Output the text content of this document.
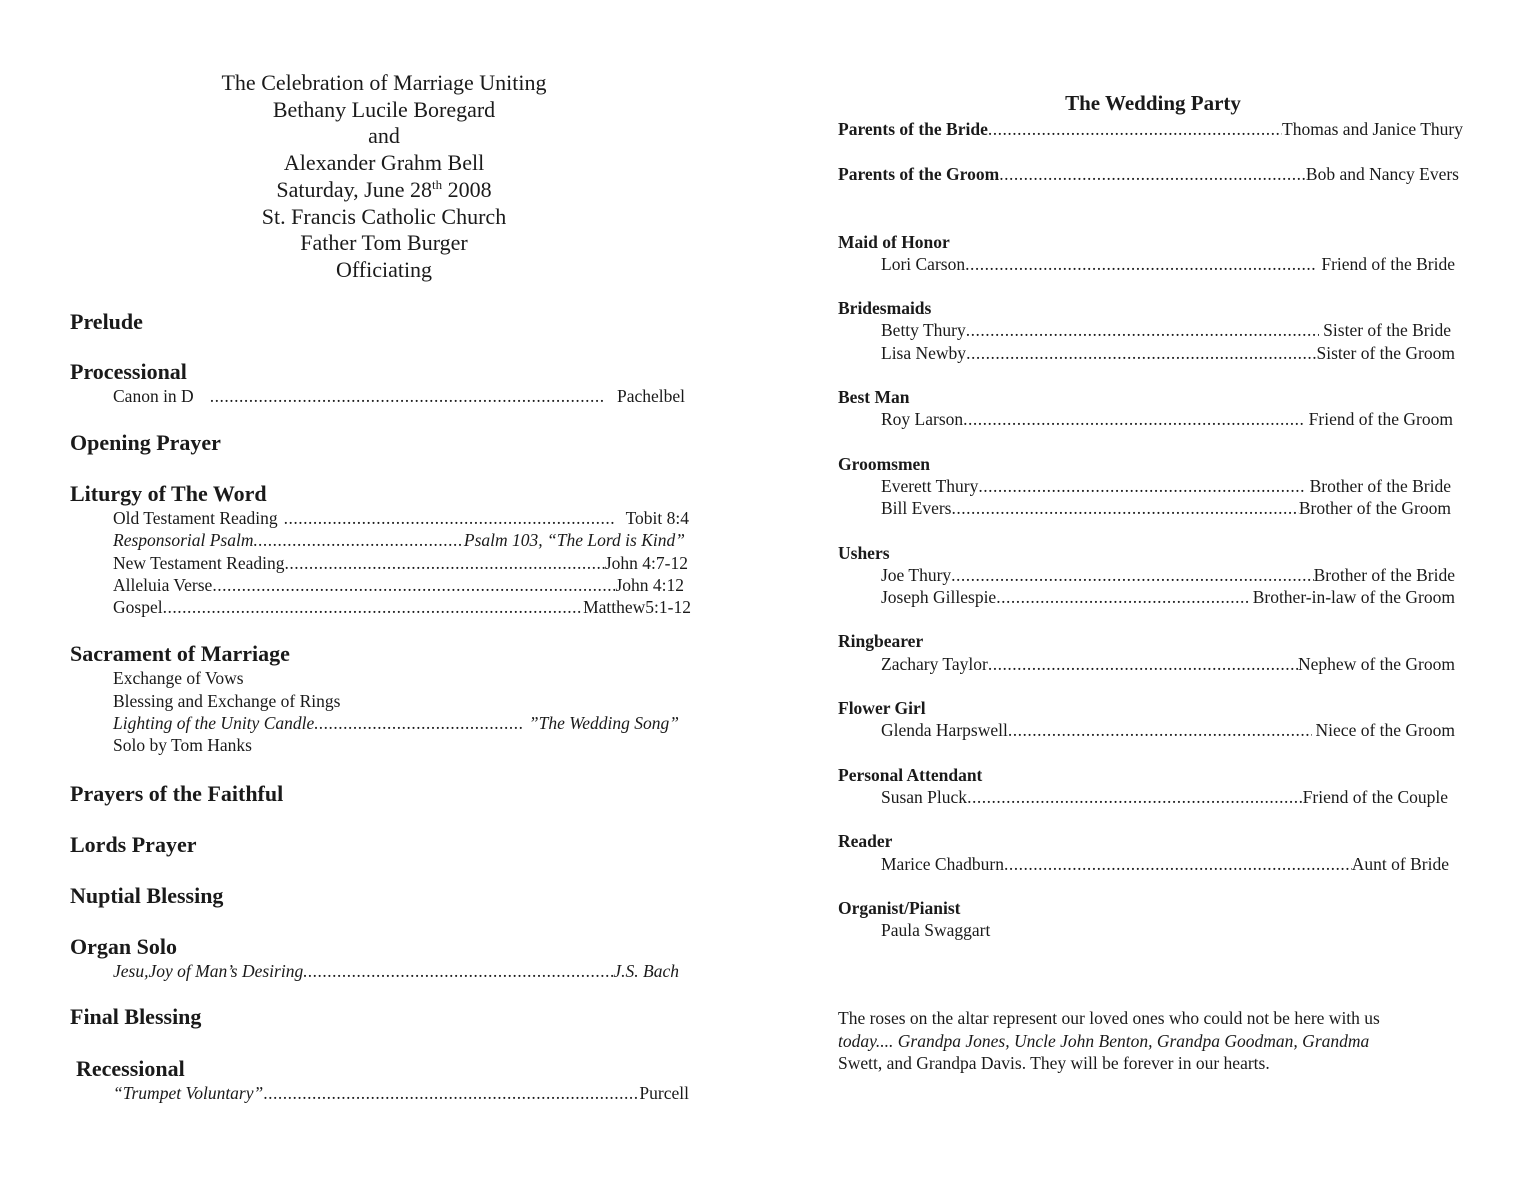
The Celebration of Marriage Uniting
Bethany Lucile Boregard
and
Alexander Grahm Bell
Saturday, June 28th 2008
St. Francis Catholic Church
Father Tom Burger
Officiating
Prelude
Processional
Canon in D .....	Pachelbel
Opening Prayer
Liturgy of The Word
Old Testament Reading .....	Tobit 8:4
Responsorial Psalm .....	Psalm 103, “The Lord is Kind”
New Testament Reading .....	John 4:7-12
Alleluia Verse .....	John 4:12
Gospel .....	Matthew5:1-12
Sacrament of Marriage
Exchange of Vows
Blessing and Exchange of Rings
Lighting of the Unity Candle .....	”The Wedding Song”
Solo by Tom Hanks
Prayers of the Faithful
Lords Prayer
Nuptial Blessing
Organ Solo
Jesu,Joy of Man’s Desiring .....	J.S. Bach
Final Blessing
Recessional
“Trumpet Voluntary” .....	Purcell
The Wedding Party
Parents of the Bride .....	Thomas and Janice Thury
Parents of the Groom .....	Bob and Nancy Evers
Maid of Honor
Lori Carson .....	Friend of the Bride
Bridesmaids
Betty Thury .....	Sister of the Bride
Lisa Newby .....	Sister of the Groom
Best Man
Roy Larson .....	Friend of the Groom
Groomsmen
Everett Thury .....	Brother of the Bride
Bill Evers .....	Brother of the Groom
Ushers
Joe Thury .....	Brother of the Bride
Joseph Gillespie .....	Brother-in-law of the Groom
Ringbearer
Zachary Taylor .....	Nephew of the Groom
Flower Girl
Glenda Harpswell .....	Niece of the Groom
Personal Attendant
Susan Pluck .....	Friend of the Couple
Reader
Marice Chadburn .....	Aunt of Bride
Organist/Pianist
Paula Swaggart
The roses on the altar represent our loved ones who could not be here with us
today.... Grandpa Jones, Uncle John Benton, Grandpa Goodman, Grandma
Swett, and Grandpa Davis. They will be forever in our hearts.
